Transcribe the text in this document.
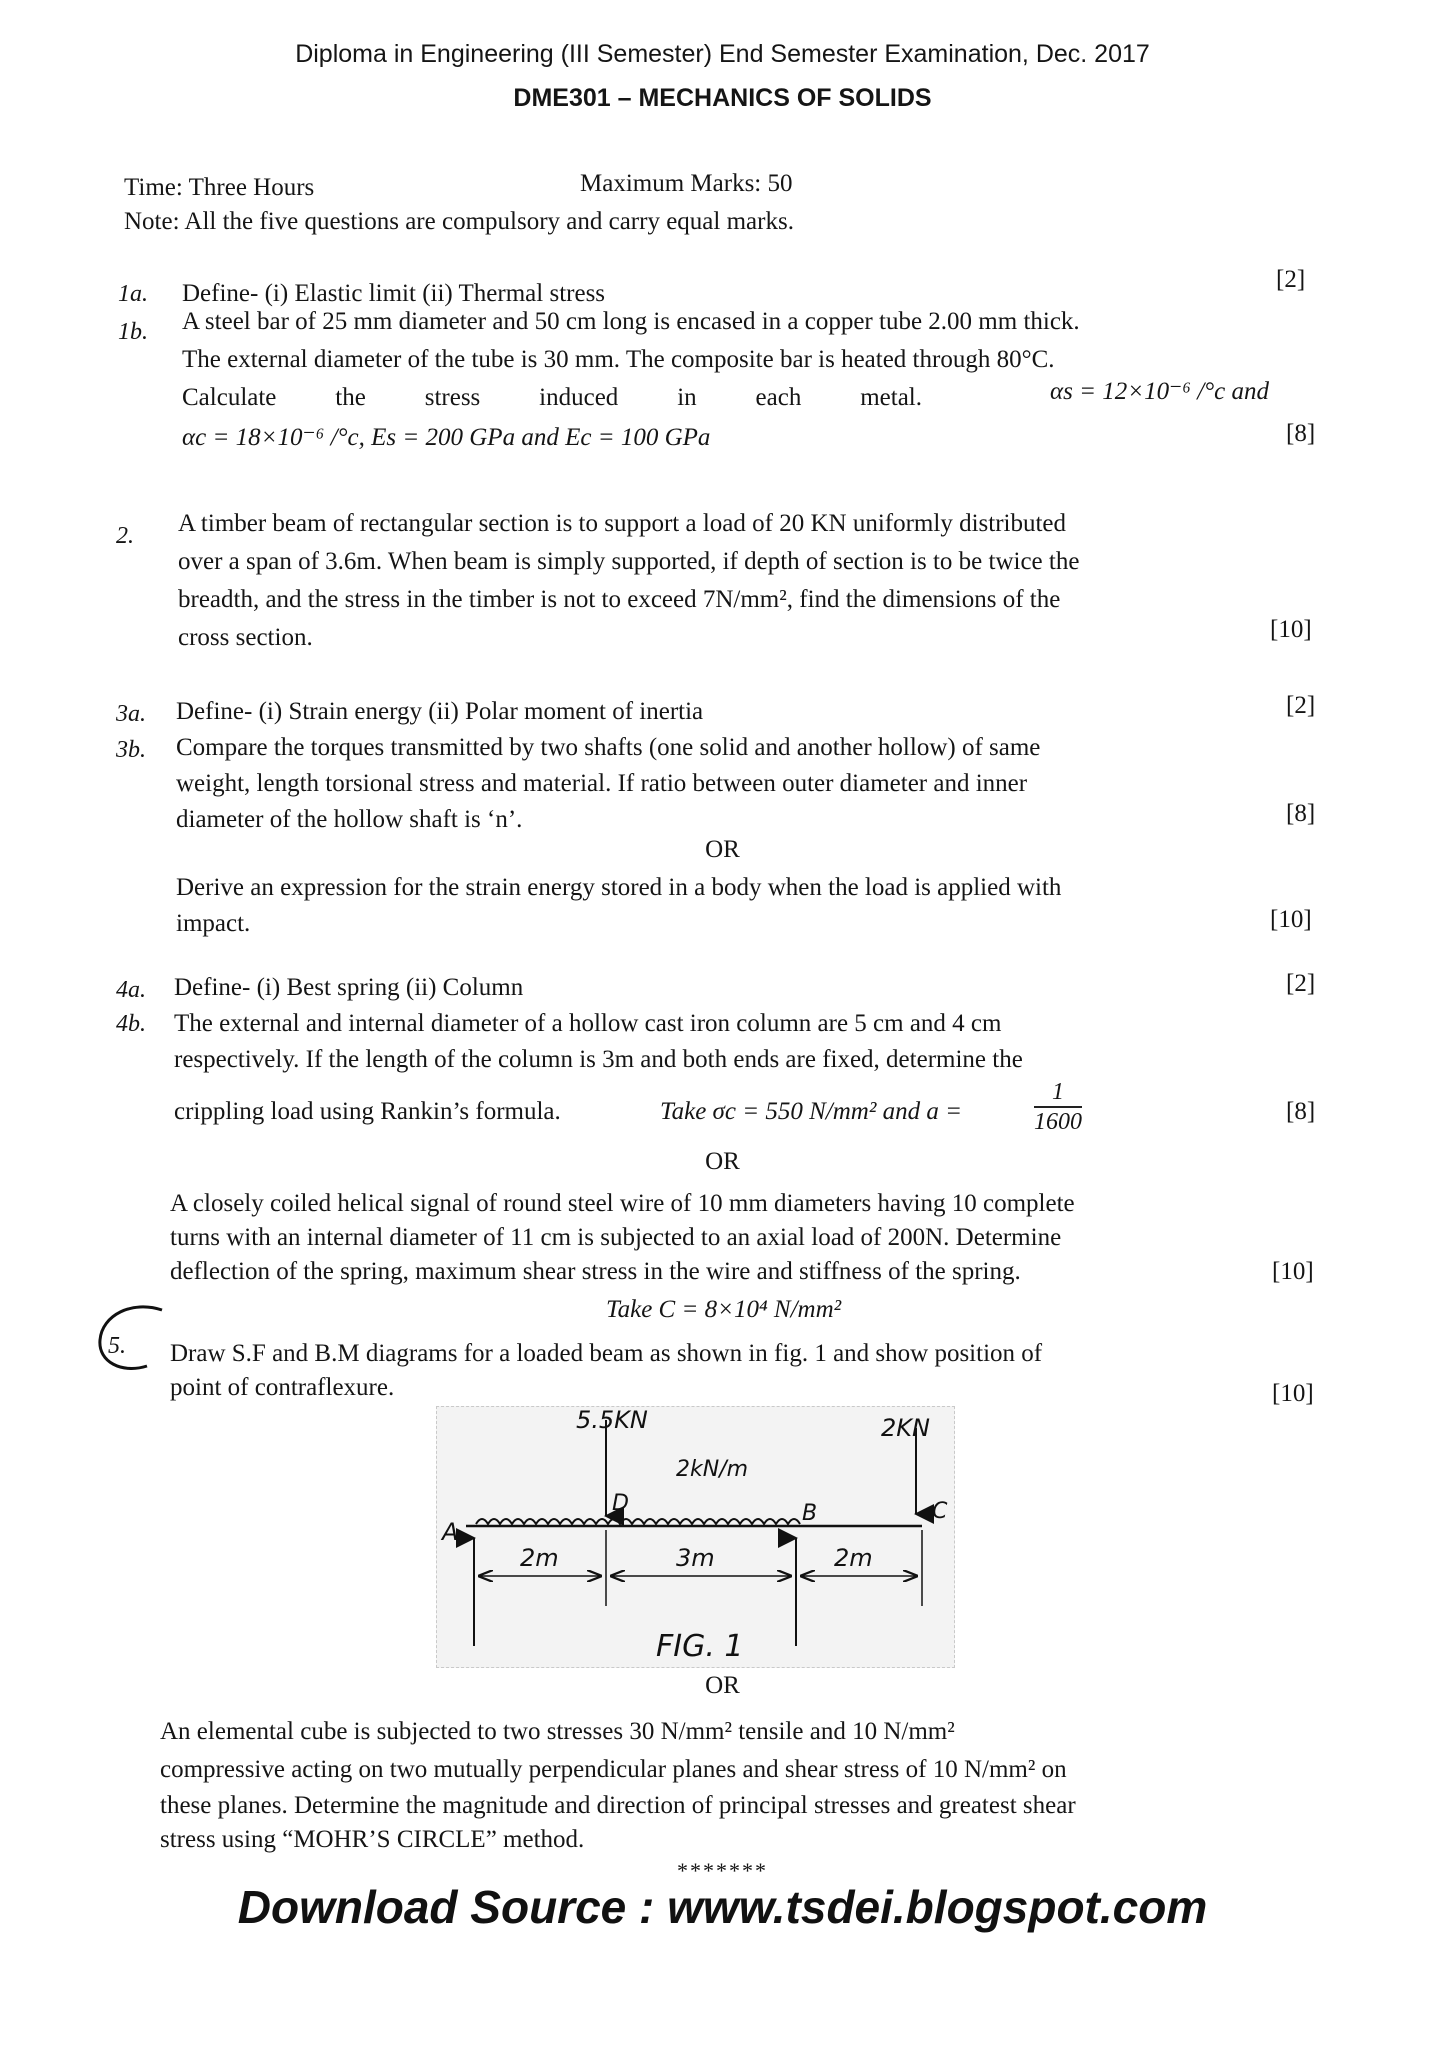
Diploma in Engineering (III Semester) End Semester Examination, Dec. 2017
DME301 – MECHANICS OF SOLIDS
Time: Three Hours	Maximum Marks: 50
Note: All the five questions are compulsory and carry equal marks.
1a. Define- (i) Elastic limit (ii) Thermal stress
[2]
1b. A steel bar of 25 mm diameter and 50 cm long is encased in a copper tube 2.00 mm thick.
The external diameter of the tube is 30 mm. The composite bar is heated through 80°C.
Calculate the stress induced in each metal.	αs = 12×10⁻⁶ /°c and
αc = 18×10⁻⁶ /°c, Es = 200 GPa and Ec = 100 GPa	[8]
2. A timber beam of rectangular section is to support a load of 20 KN uniformly distributed
over a span of 3.6m. When beam is simply supported, if depth of section is to be twice the
breadth, and the stress in the timber is not to exceed 7N/mm², find the dimensions of the
cross section.	[10]
3a. Define- (i) Strain energy (ii) Polar moment of inertia	[2]
3b. Compare the torques transmitted by two shafts (one solid and another hollow) of same
weight, length torsional stress and material. If ratio between outer diameter and inner
diameter of the hollow shaft is ‘n’.	[8]
OR
Derive an expression for the strain energy stored in a body when the load is applied with
impact.	[10]
4a. Define- (i) Best spring (ii) Column	[2]
4b. The external and internal diameter of a hollow cast iron column are 5 cm and 4 cm
respectively. If the length of the column is 3m and both ends are fixed, determine the
crippling load using Rankin’s formula.	Take σc = 550 N/mm² and a =	$\frac{1}{1600}$	[8]
OR
A closely coiled helical signal of round steel wire of 10 mm diameters having 10 complete
turns with an internal diameter of 11 cm is subjected to an axial load of 200N. Determine
deflection of the spring, maximum shear stress in the wire and stiffness of the spring.	[10]
Take C = 8×10⁴ N/mm²
5. Draw S.F and B.M diagrams for a loaded beam as shown in fig. 1 and show position of
point of contraflexure.	[10]
5.5KN	2KN
2kN/m
A
D	B	C
2m	3m	2m
FIG. 1
OR
An elemental cube is subjected to two stresses 30 N/mm² tensile and 10 N/mm²
compressive acting on two mutually perpendicular planes and shear stress of 10 N/mm² on
these planes. Determine the magnitude and direction of principal stresses and greatest shear
stress using “MOHR’S CIRCLE” method.
*******
Download Source : www.tsdei.blogspot.com
